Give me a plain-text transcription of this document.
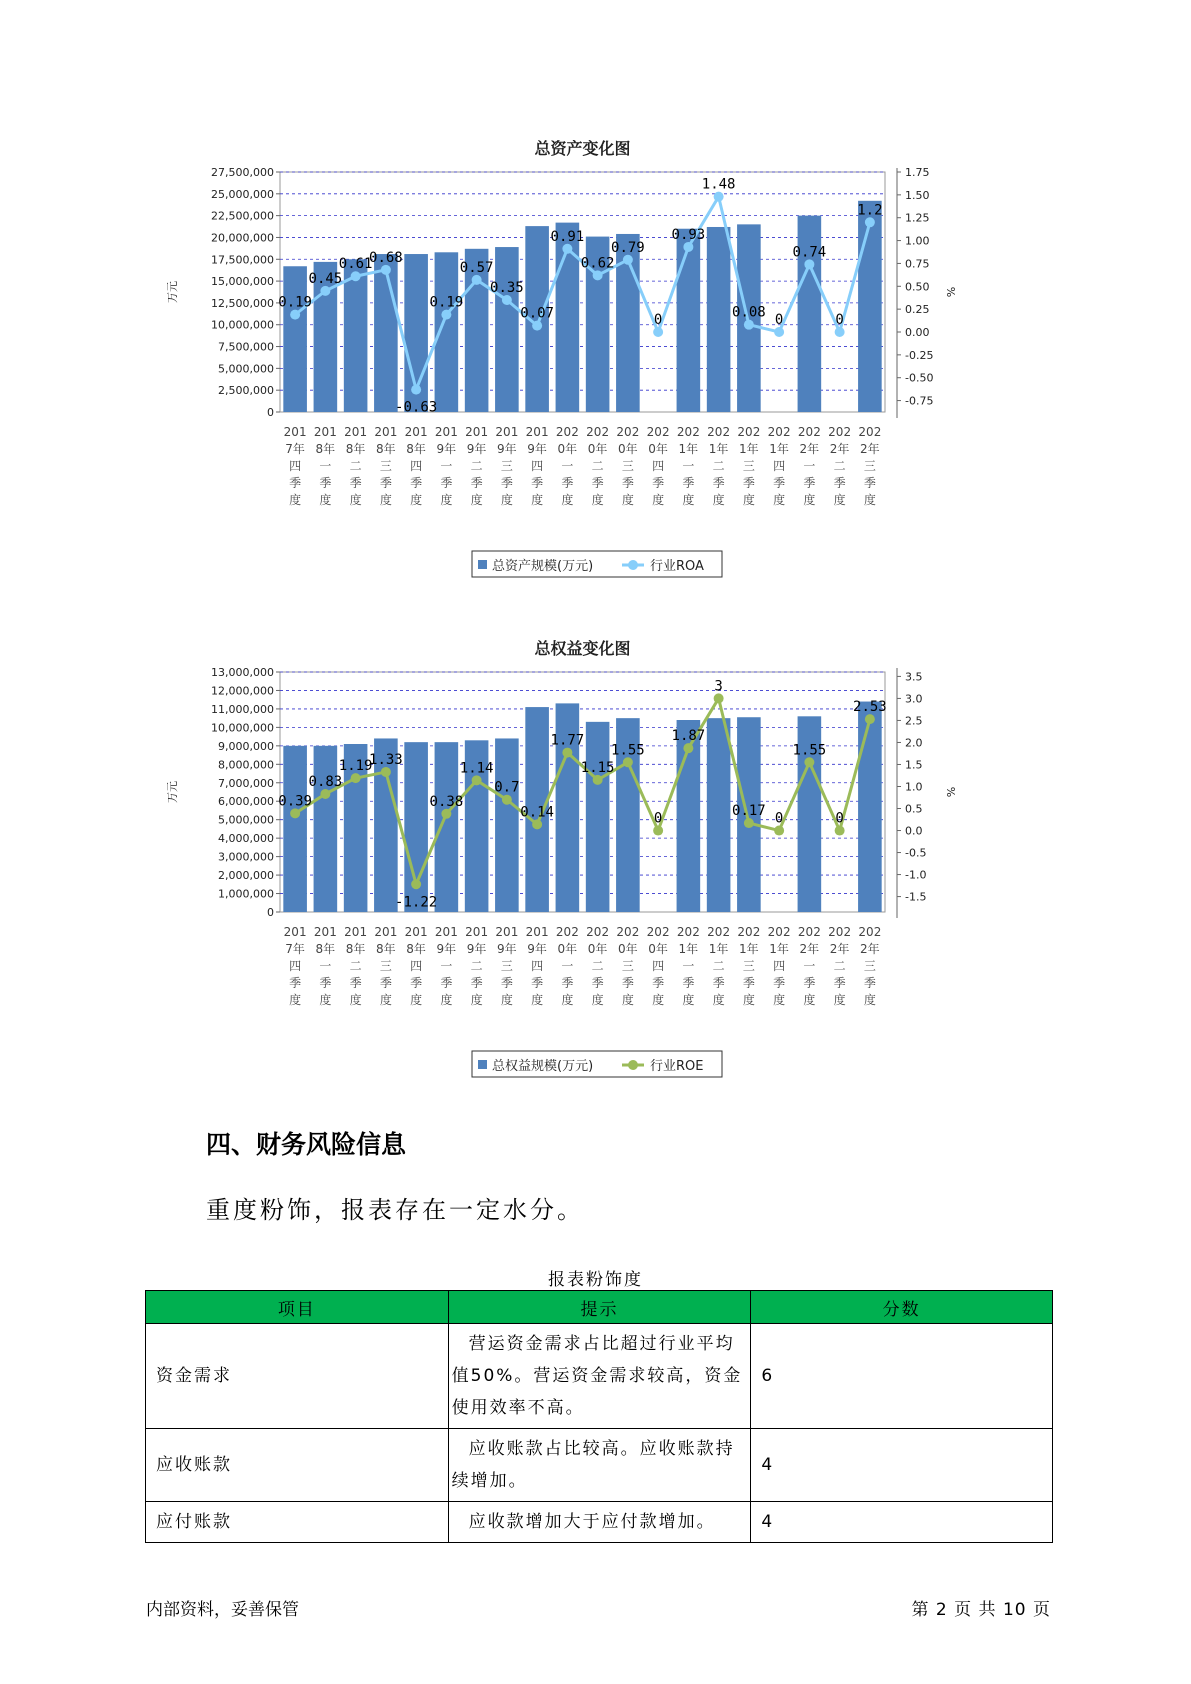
总资产变化图
0
2,500,000
5,000,000
7,500,000
10,000,000
12,500,000
15,000,000
17,500,000
20,000,000
22,500,000
25,000,000
27,500,000
万元
1.75
1.50
1.25
1.00
0.75
0.50
0.25
0.00
-0.25
-0.50
-0.75
%
0.19
0.45
0.61
0.68
-0.63
0.19
0.57
0.35
0.07
0.91
0.62
0.79
0
0.93
1.48
0.08 0
0.74
0
1.2
201
7年
四
季
度
201
8年
一
季
度
201
8年
二
季
度
201
8年
三
季
度
201
8年
四
季
度
201
9年
一
季
度
201
9年
二
季
度
201
9年
三
季
度
201
9年
四
季
度
202
0年
一
季
度
202
0年
二
季
度
202
0年
三
季
度
202
0年
四
季
度
202
1年
一
季
度
202
1年
二
季
度
202
1年
三
季
度
202
1年
四
季
度
202
2年
一
季
度
202
2年
二
季
度
202
2年
三
季
度
总资产规模(万元)	行业ROA
总权益变化图
0
1,000,000
2,000,000
3,000,000
4,000,000
5,000,000
6,000,000
7,000,000
8,000,000
9,000,000
10,000,000
11,000,000
12,000,000
13,000,000
万元
3.5
3.0
2.5
2.0
1.5
1.0
0.5
0.0
-0.5
-1.0
-1.5
%
0.39
0.83
1.19
1.33
-1.22
0.38
1.14
0.7
0.14
1.77
1.15
1.55
0
1.87
3
0.17 0
1.55
0
2.53
201
7年
四
季
度
201
8年
一
季
度
201
8年
二
季
度
201
8年
三
季
度
201
8年
四
季
度
201
9年
一
季
度
201
9年
二
季
度
201
9年
三
季
度
201
9年
四
季
度
202
0年
一
季
度
202
0年
二
季
度
202
0年
三
季
度
202
0年
四
季
度
202
1年
一
季
度
202
1年
二
季
度
202
1年
三
季
度
202
1年
四
季
度
202
2年
一
季
度
202
2年
二
季
度
202
2年
三
季
度
总权益规模(万元)	行业ROE
四、财务风险信息

重度粉饰，报表存在一定水分。

报表粉饰度
项目	提示	分数
资金需求	营运资金需求占比超过行业平均值50%。营运资金需求较高，资金使用效率不高。	6
应收账款	应收账款占比较高。应收账款持续增加。	4
应付账款	应收款增加大于应付款增加。	4
内部资料，妥善保管	第 2 页 共 10 页
